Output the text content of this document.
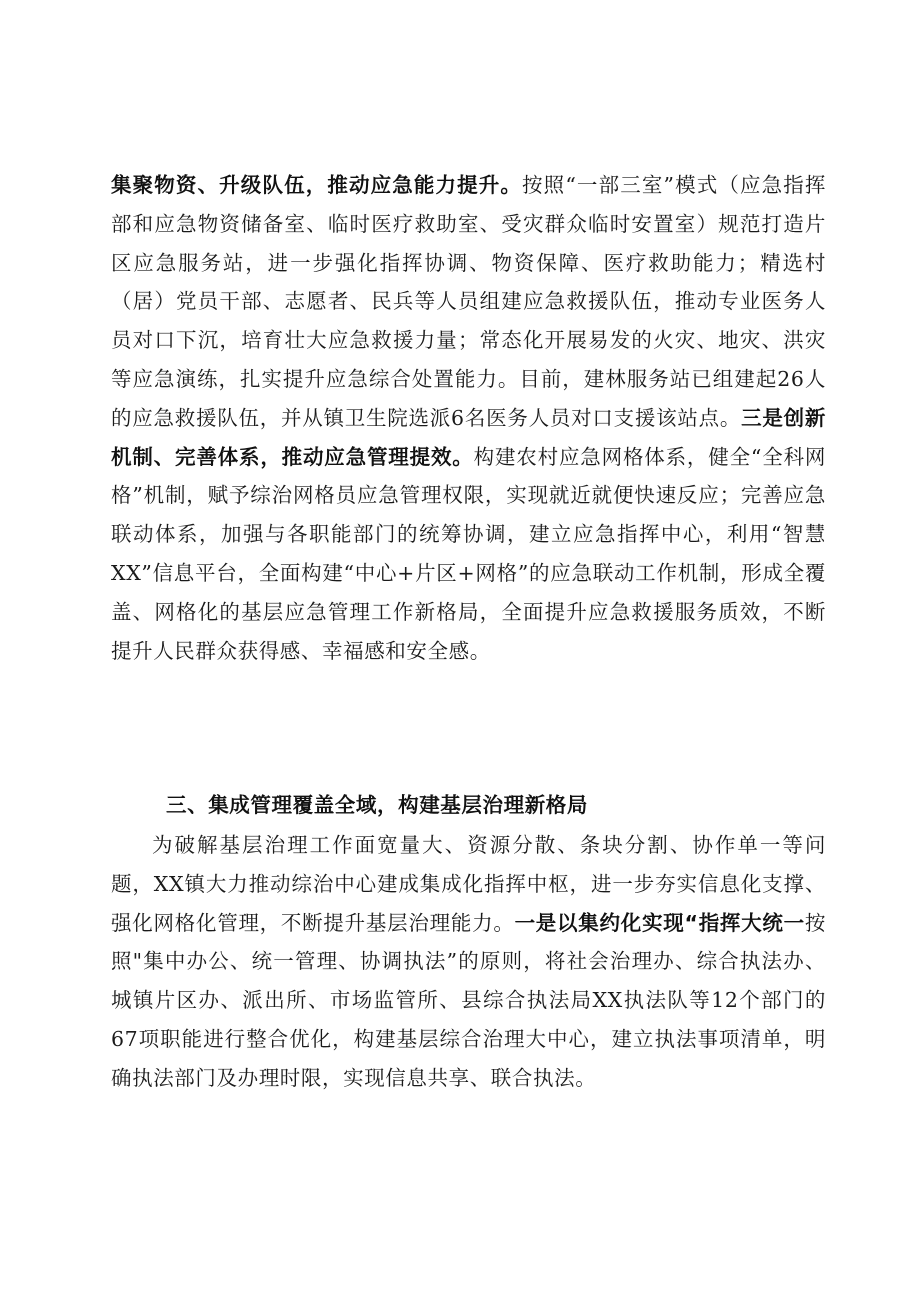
集聚物资、升级队伍，推动应急能力提升。按照“一部三室”模式（应急指挥部和应急物资储备室、临时医疗救助室、受灾群众临时安置室）规范打造片区应急服务站，进一步强化指挥协调、物资保障、医疗救助能力；精选村（居）党员干部、志愿者、民兵等人员组建应急救援队伍，推动专业医务人员对口下沉，培育壮大应急救援力量；常态化开展易发的火灾、地灾、洪灾等应急演练，扎实提升应急综合处置能力。目前，建林服务站已组建起26人的应急救援队伍，并从镇卫生院选派6名医务人员对口支援该站点。三是创新机制、完善体系，推动应急管理提效。构建农村应急网格体系，健全“全科网格”机制，赋予综治网格员应急管理权限，实现就近就便快速反应；完善应急联动体系，加强与各职能部门的统筹协调，建立应急指挥中心，利用“智慧XX”信息平台，全面构建“中心+片区+网格”的应急联动工作机制，形成全覆盖、网格化的基层应急管理工作新格局，全面提升应急救援服务质效，不断提升人民群众获得感、幸福感和安全感。

三、集成管理覆盖全域，构建基层治理新格局

为破解基层治理工作面宽量大、资源分散、条块分割、协作单一等问题，XX镇大力推动综治中心建成集成化指挥中枢，进一步夯实信息化支撑、强化网格化管理，不断提升基层治理能力。一是以集约化实现“指挥大统一按照"集中办公、统一管理、协调执法”的原则，将社会治理办、综合执法办、城镇片区办、派出所、市场监管所、县综合执法局XX执法队等12个部门的67项职能进行整合优化，构建基层综合治理大中心，建立执法事项清单，明确执法部门及办理时限，实现信息共享、联合执法。
